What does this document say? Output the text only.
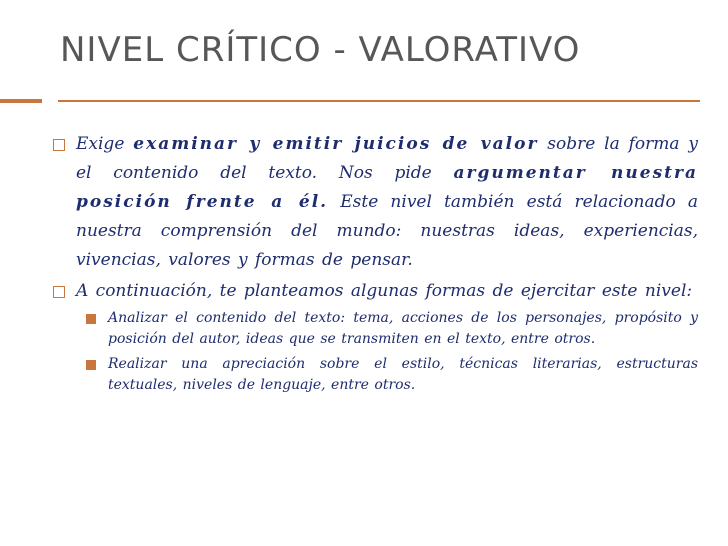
NIVEL CRÍTICO - VALORATIVO

Exige examinar y emitir juicios de valor sobre la forma y el contenido del texto. Nos pide argumentar nuestra posición frente a él. Este nivel también está relacionado a nuestra comprensión del mundo: nuestras ideas, experiencias, vivencias, valores y formas de pensar.

A continuación, te planteamos algunas formas de ejercitar este nivel:

Analizar el contenido del texto: tema, acciones de los personajes, propósito y posición del autor, ideas que se transmiten en el texto, entre otros.

Realizar una apreciación sobre el estilo, técnicas literarias, estructuras textuales, niveles de lenguaje, entre otros.
